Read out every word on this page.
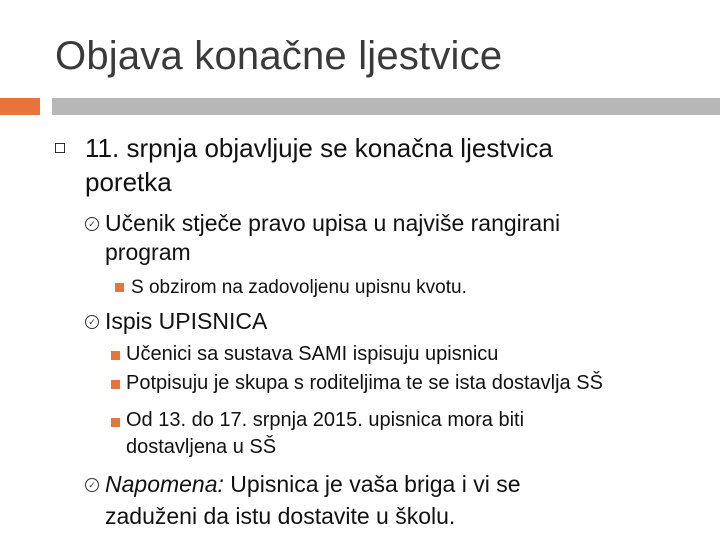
Objava konačne ljestvice
11. srpnja objavljuje se konačna ljestvica
poretka
✓ Učenik stječe pravo upisa u najviše rangirani
program
S obzirom na zadovoljenu upisnu kvotu.
✓ Ispis UPISNICA
Učenici sa sustava SAMI ispisuju upisnicu
Potpisuju je skupa s roditeljima te se ista dostavlja SŠ
Od 13. do 17. srpnja 2015. upisnica mora biti
dostavljena u SŠ
✓ Napomena: Upisnica je vaša briga i vi se
zaduženi da istu dostavite u školu.
